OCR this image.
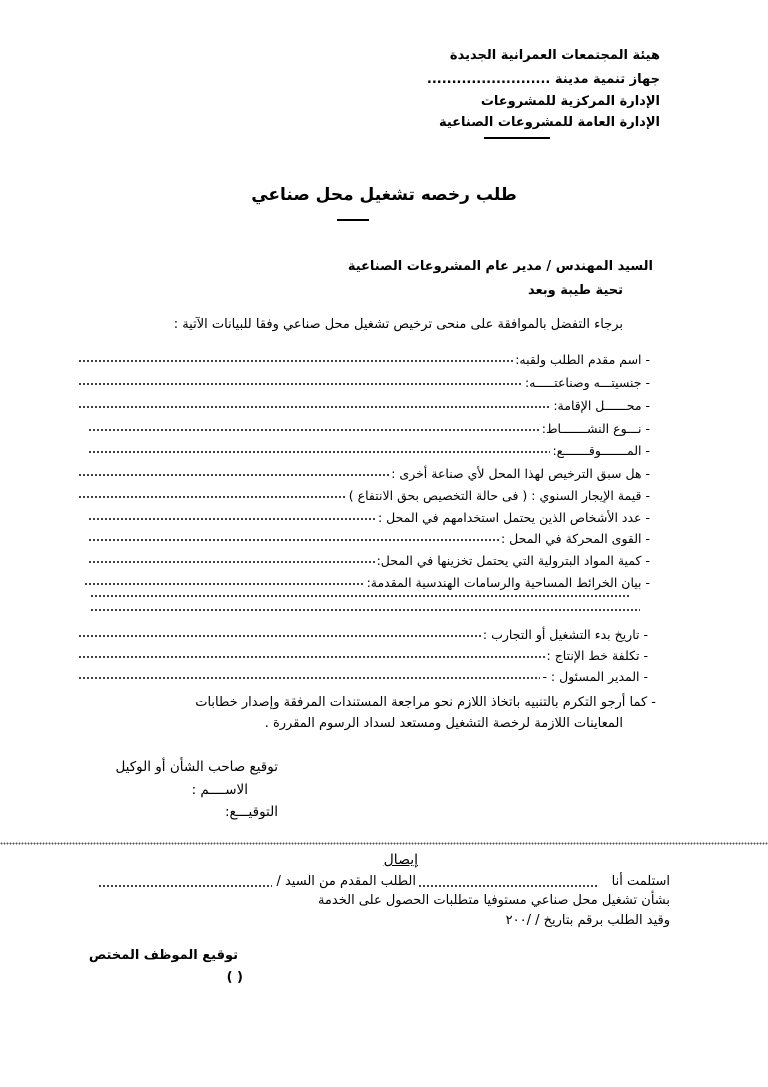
هيئة المجتمعات العمرانية الجديدة
جهاز تنمية مدينة .........................
الإدارة المركزية للمشروعات
الإدارة العامة للمشروعات الصناعية
طلب رخصه تشغيل محل صناعي
السيد المهندس / مدير عام المشروعات الصناعية
تحية طيبة وبعد
برجاء التفضل بالموافقة على منحى ترخيص تشغيل محل صناعي وفقا للبيانات الآتية :
- اسم مقدم الطلب ولقبه:
- جنسيتـــه وصناعتـــــه:
- محــــــل الإقامة:
- نـــوع النشـــــــاط:
- المـــــــوقـــــــع:
- هل سبق الترخيص لهذا المحل لأي صناعة أخرى :
- قيمة الإيجار السنوي : ( فى حالة التخصيص بحق الانتفاع )
- عدد الأشخاص الذين يحتمل استخدامهم في المحل :
- القوى المحركة في المحل :
- كمية المواد البترولية التي يحتمل تخزينها في المحل:
- بيان الخرائط المساحية والرسامات الهندسية المقدمة:
- تاريخ بدء التشغيل أو التجارب :
- تكلفة خط الإنتاج :
- المدير المسئول : -
- كما أرجو التكرم بالتنبيه باتخاذ اللازم نحو مراجعة المستندات المرفقة وإصدار خطابات
المعاينات اللازمة لرخصة التشغيل ومستعد لسداد الرسوم المقررة .
توقيع صاحب الشأن أو الوكيل
الاســــم :
التوقيـــع:
إيصال
استلمت أنا
الطلب المقدم من السيد /
بشأن تشغيل محل صناعي مستوفيا متطلبات الحصول على الخدمة
وقيد الطلب برقم بتاريخ / /٢٠٠
توقيع الموظف المختص
( )
